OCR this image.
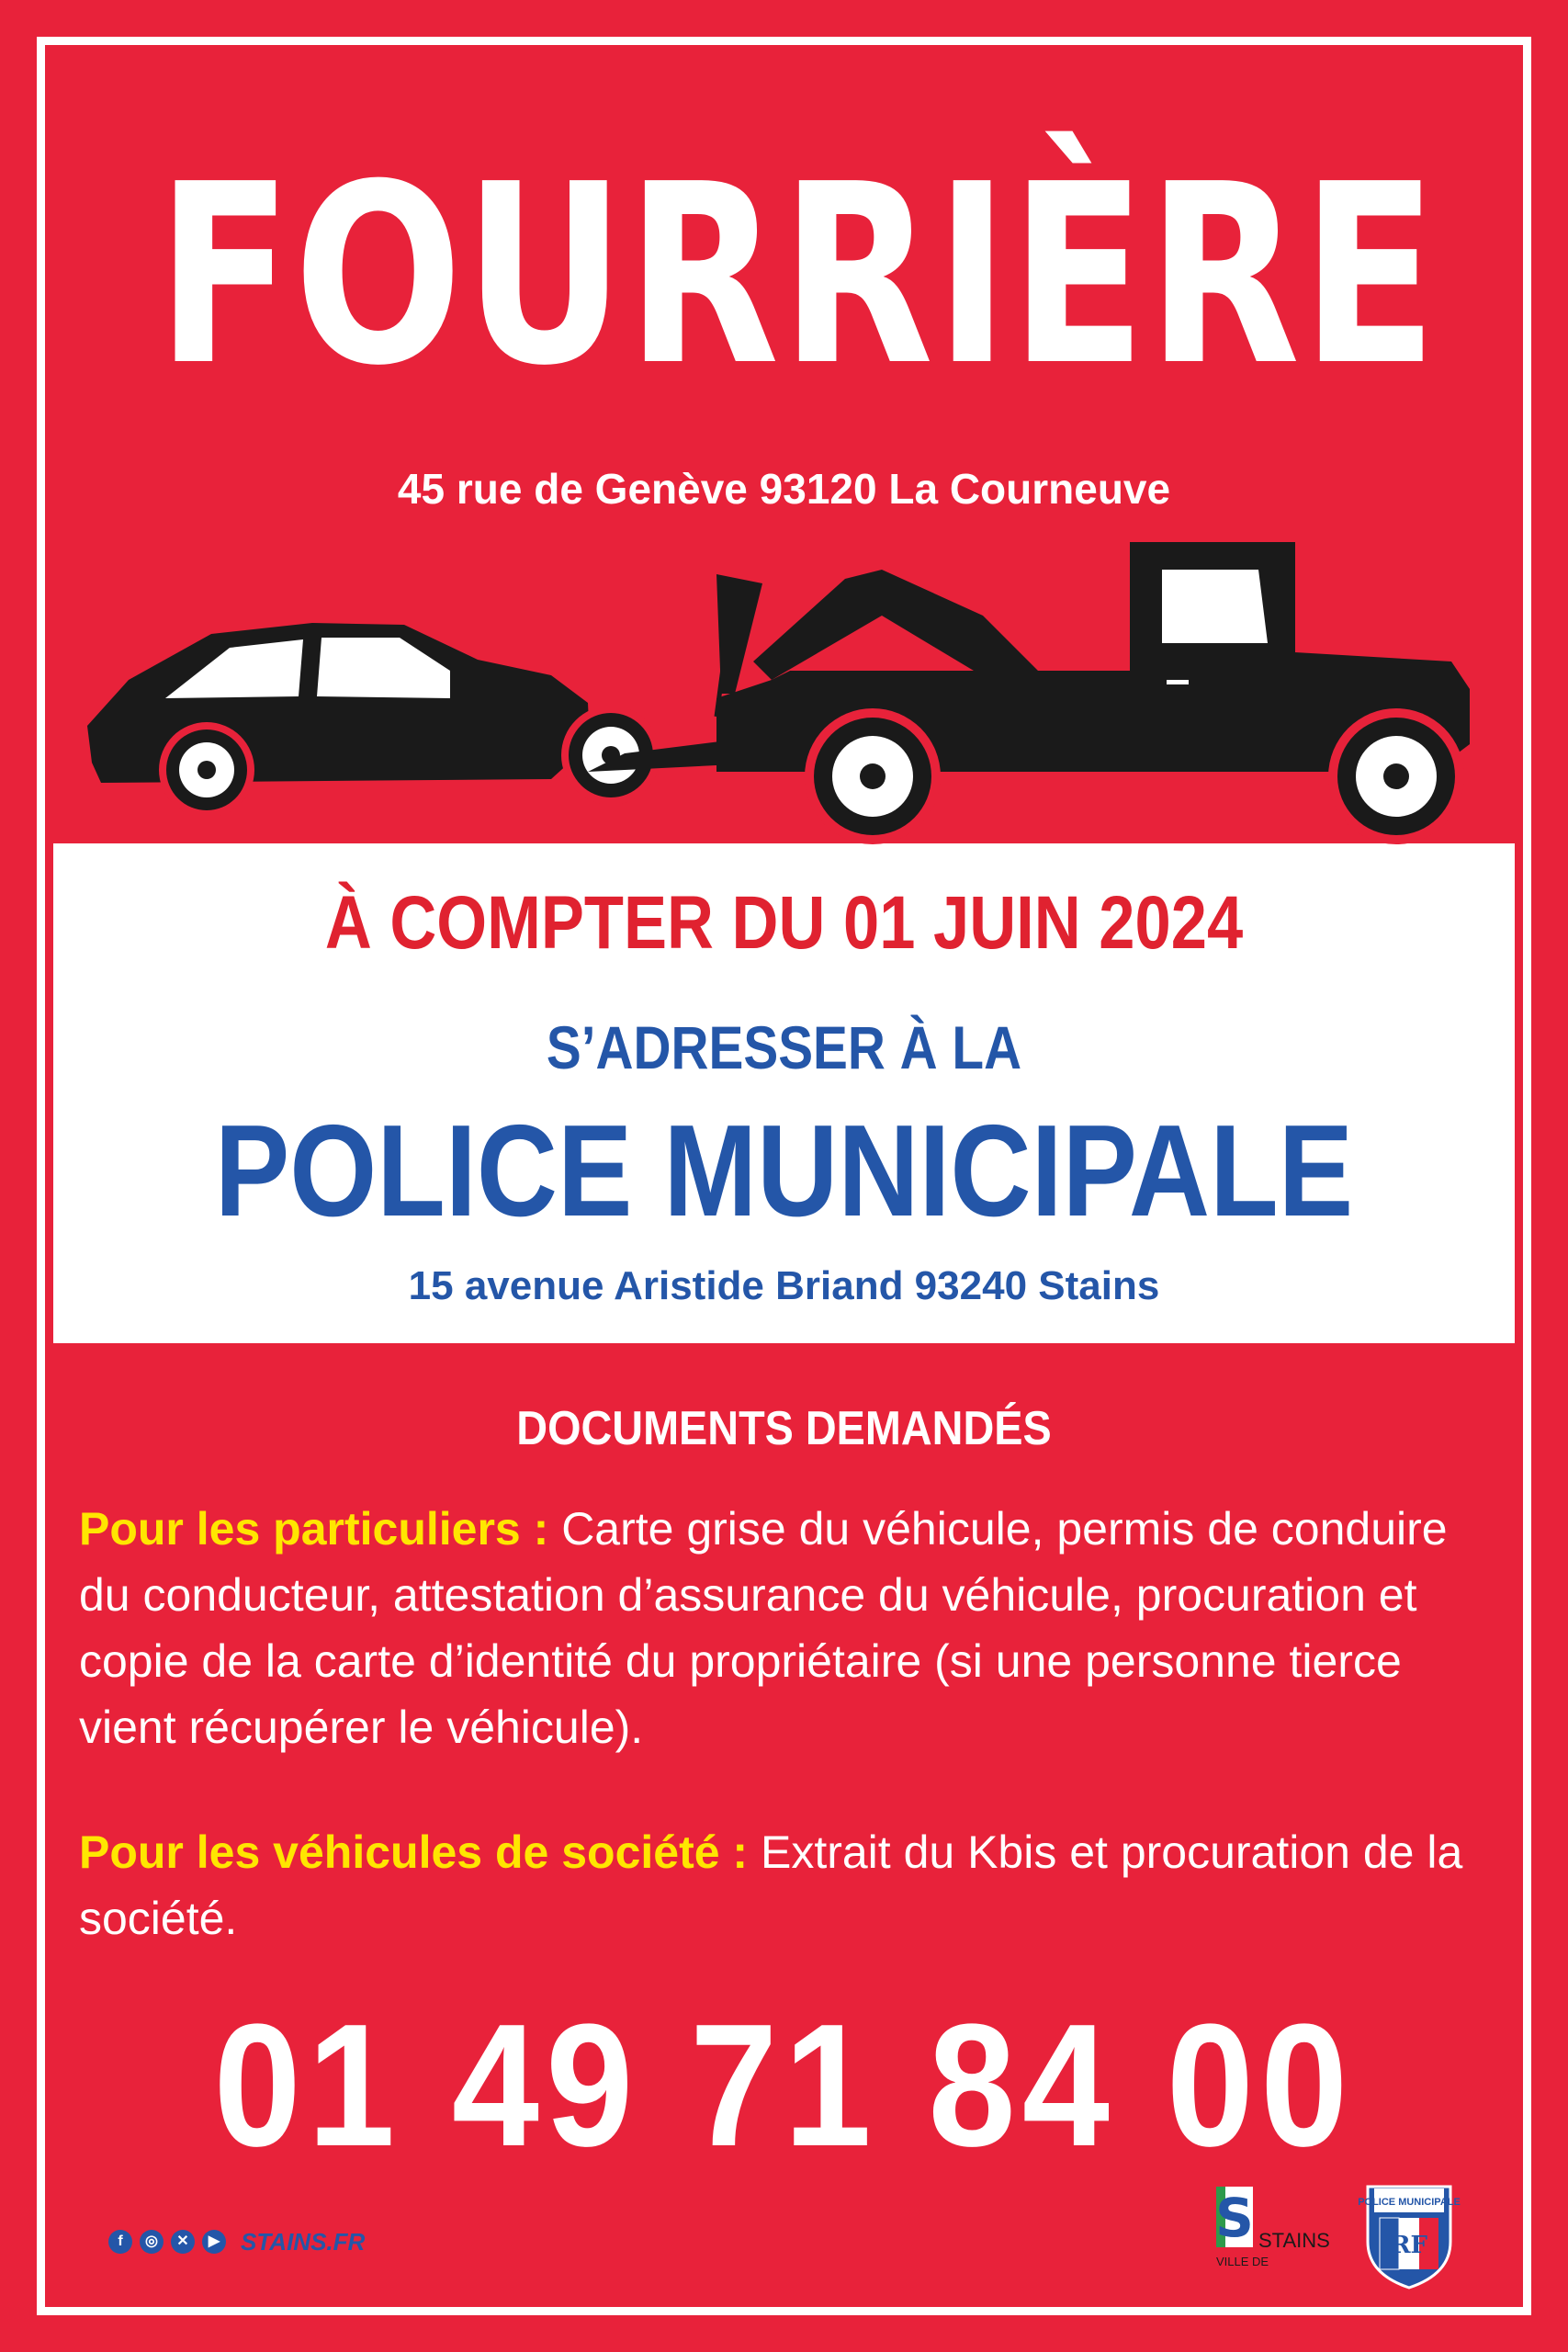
FOURRIÈRE
45 rue de Genève 93120 La Courneuve
À COMPTER DU 01 JUIN 2024
S’ADRESSER À LA
POLICE MUNICIPALE
15 avenue Aristide Briand 93240 Stains
DOCUMENTS DEMANDÉS
Pour les particuliers : Carte grise du véhicule, permis de conduire du conducteur, attestation d’assurance du véhicule, procuration et copie de la carte d’identité du propriétaire (si une personne tierce vient récupérer le véhicule).
Pour les véhicules de société : Extrait du Kbis et procuration de la société.
01 49 71 84 00
f	◎	✕	▶ STAINS.FR	S
VILLE DE
STAINS
POLICE MUNICIPALE
RF
